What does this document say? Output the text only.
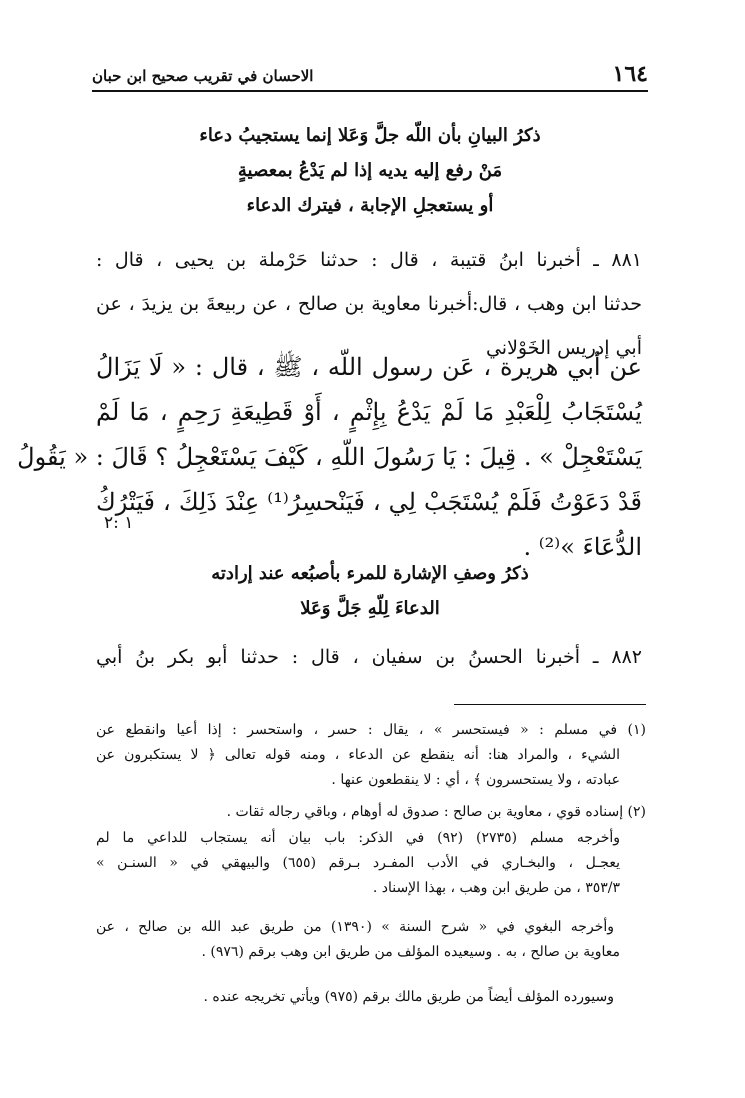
١٦٤
الاحسان في تقريب صحيح ابن حبان
ذكرُ البيانِ بأن اللّه جلَّ وَعَلا إنما يستجيبُ دعاء
مَنْ رفع إليه يديه إذا لم يَدْعُ بمعصيةٍ
أو يستعجلِ الإجابة ، فيترك الدعاء
٨٨١ ـ أخبرنا ابنُ قتيبة ، قال : حدثنا حَرْملة بن يحيى ، قال :
حدثنا ابن وهب ، قال:أخبرنا معاوية بن صالح ، عن ربيعةَ بن يزيدَ ، عن
أبي إدريس الخَوْلاني
عن أبي هريرة ، عَن رسول اللّه ، ﷺ ، قال : « لَا يَزَالُ
يُسْتَجَابُ لِلْعَبْدِ مَا لَمْ يَدْعُ بِإِثْمٍ ، أَوْ قَطِيعَةِ رَحِمٍ ، مَا لَمْ
يَسْتَعْجِلْ » . قِيلَ : يَا رَسُولَ اللّهِ ، كَيْفَ يَسْتَعْجِلُ ؟ قَالَ : « يَقُولُ
قَدْ دَعَوْتُ فَلَمْ يُسْتَجَبْ لِي ، فَيَنْحسِرُ⁽¹⁾ عِنْدَ ذَلِكَ ، فَيَتْرُكُ
الدُّعَاءَ »⁽²⁾ .
١ :٢
ذكرُ وصفِ الإشارة للمرء بأصبُعه عند إرادته
الدعاءَ لِلّهِ جَلَّ وَعَلا
٨٨٢ ـ أخبرنا الحسنُ بن سفيان ، قال : حدثنا أبو بكر بنُ أبي
(١) في مسلم : « فيستحسر » ، يقال : حسر ، واستحسر : إذا أعيا وانقطع عن
الشيء ، والمراد هنا: أنه ينقطع عن الدعاء ، ومنه قوله تعالى ﴿ لا يستكبرون عن
عبادته ، ولا يستحسرون ﴾ ، أي : لا ينقطعون عنها .
(٢) إسناده قوي ، معاوية بن صالح : صدوق له أوهام ، وباقي رجاله ثقات .
وأخرجه مسلم (٢٧٣٥) (٩٢) في الذكر: باب بيان أنه يستجاب للداعي ما لم
يعجـل ، والبخـاري في الأدب المفـرد بـرقم (٦٥٥) والبيهقي في « السنـن »
٣٥٣/٣ ، من طريق ابن وهب ، بهذا الإسناد .
وأخرجه البغوي في « شرح السنة » (١٣٩٠) من طريق عبد الله بن صالح ، عن
معاوية بن صالح ، به . وسيعيده المؤلف من طريق ابن وهب برقم (٩٧٦) .
وسيورده المؤلف أيضاً من طريق مالك برقم (٩٧٥) ويأتي تخريجه عنده .
